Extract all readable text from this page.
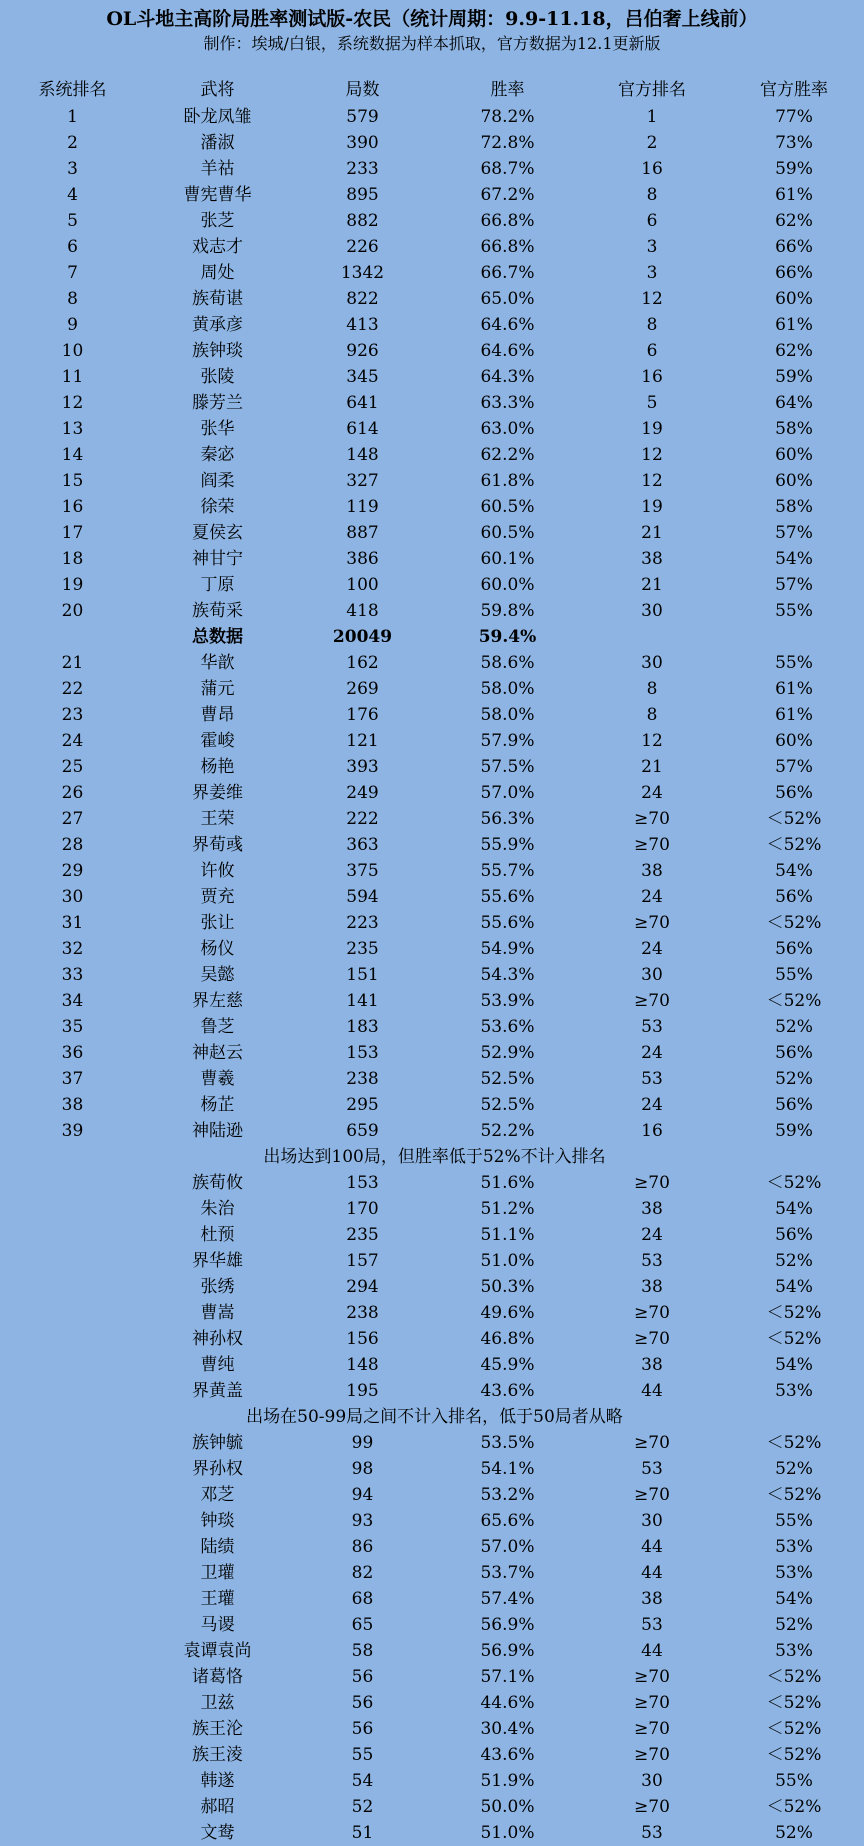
OL斗地主高阶局胜率测试版-农民（统计周期：9.9-11.18，吕伯奢上线前）
制作：埃城/白银，系统数据为样本抓取，官方数据为12.1更新版
系统排名	武将	局数	胜率	官方排名	官方胜率
1	卧龙凤雏	579	78.2%	1	77%
2	潘淑	390	72.8%	2	73%
3	羊祜	233	68.7%	16	59%
4	曹宪曹华	895	67.2%	8	61%
5	张芝	882	66.8%	6	62%
6	戏志才	226	66.8%	3	66%
7	周处	1342	66.7%	3	66%
8	族荀谌	822	65.0%	12	60%
9	黄承彦	413	64.6%	8	61%
10	族钟琰	926	64.6%	6	62%
11	张陵	345	64.3%	16	59%
12	滕芳兰	641	63.3%	5	64%
13	张华	614	63.0%	19	58%
14	秦宓	148	62.2%	12	60%
15	阎柔	327	61.8%	12	60%
16	徐荣	119	60.5%	19	58%
17	夏侯玄	887	60.5%	21	57%
18	神甘宁	386	60.1%	38	54%
19	丁原	100	60.0%	21	57%
20	族荀采	418	59.8%	30	55%
	总数据	20049	59.4%		
21	华歆	162	58.6%	30	55%
22	蒲元	269	58.0%	8	61%
23	曹昂	176	58.0%	8	61%
24	霍峻	121	57.9%	12	60%
25	杨艳	393	57.5%	21	57%
26	界姜维	249	57.0%	24	56%
27	王荣	222	56.3%	≥70	＜52%
28	界荀彧	363	55.9%	≥70	＜52%
29	许攸	375	55.7%	38	54%
30	贾充	594	55.6%	24	56%
31	张让	223	55.6%	≥70	＜52%
32	杨仪	235	54.9%	24	56%
33	吴懿	151	54.3%	30	55%
34	界左慈	141	53.9%	≥70	＜52%
35	鲁芝	183	53.6%	53	52%
36	神赵云	153	52.9%	24	56%
37	曹羲	238	52.5%	53	52%
38	杨芷	295	52.5%	24	56%
39	神陆逊	659	52.2%	16	59%
	出场达到100局，但胜率低于52%不计入排名				
	族荀攸	153	51.6%	≥70	＜52%
	朱治	170	51.2%	38	54%
	杜预	235	51.1%	24	56%
	界华雄	157	51.0%	53	52%
	张绣	294	50.3%	38	54%
	曹嵩	238	49.6%	≥70	＜52%
	神孙权	156	46.8%	≥70	＜52%
	曹纯	148	45.9%	38	54%
	界黄盖	195	43.6%	44	53%
	出场在50-99局之间不计入排名，低于50局者从略				
	族钟毓	99	53.5%	≥70	＜52%
	界孙权	98	54.1%	53	52%
	邓芝	94	53.2%	≥70	＜52%
	钟琰	93	65.6%	30	55%
	陆绩	86	57.0%	44	53%
	卫瓘	82	53.7%	44	53%
	王瓘	68	57.4%	38	54%
	马谡	65	56.9%	53	52%
	袁谭袁尚	58	56.9%	44	53%
	诸葛恪	56	57.1%	≥70	＜52%
	卫兹	56	44.6%	≥70	＜52%
	族王沦	56	30.4%	≥70	＜52%
	族王淩	55	43.6%	≥70	＜52%
	韩遂	54	51.9%	30	55%
	郝昭	52	50.0%	≥70	＜52%
	文鸯	51	51.0%	53	52%
